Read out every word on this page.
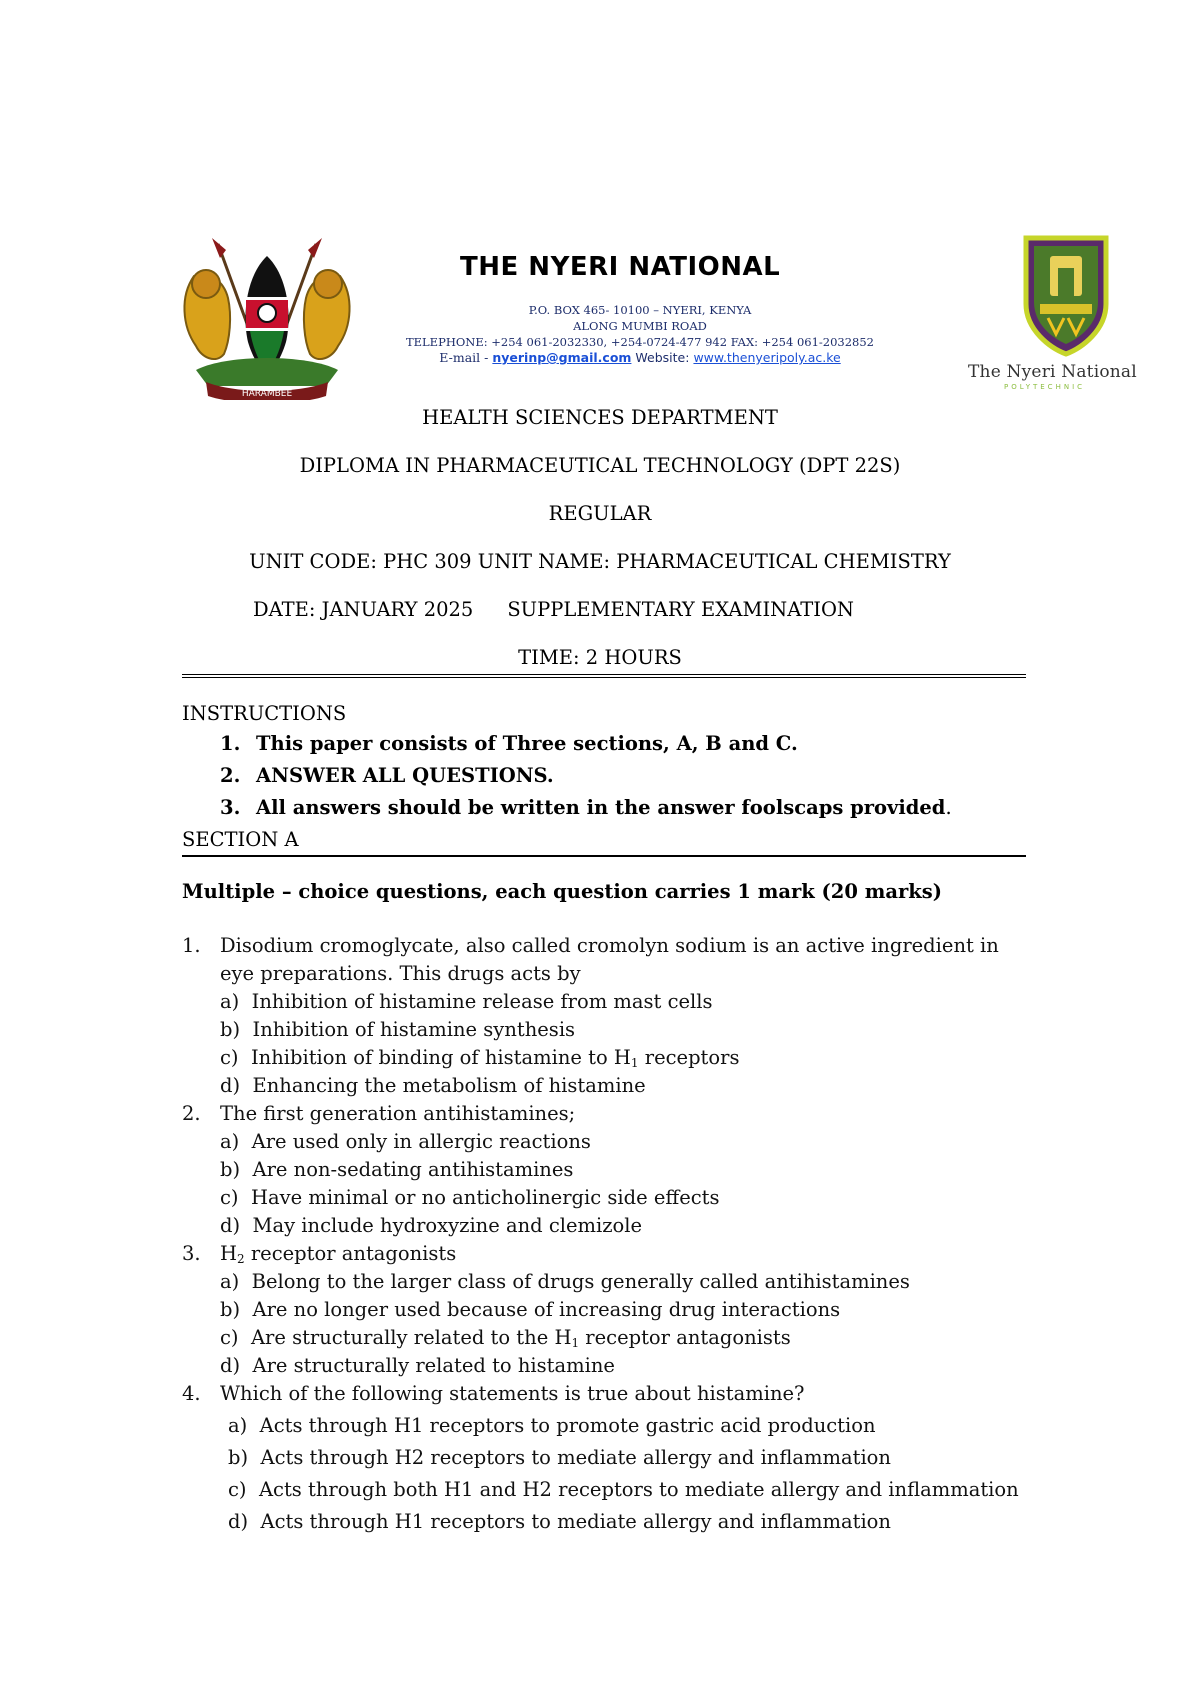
HARAMBEE
The Nyeri National
POLYTECHNIC
THE NYERI NATIONAL
P.O. BOX 465- 10100 – NYERI, KENYA
ALONG MUMBI ROAD
TELEPHONE: +254 061-2032330, +254-0724-477 942 FAX: +254 061-2032852
E-mail - nyerinp@gmail.com Website: www.thenyeripoly.ac.ke
HEALTH SCIENCES DEPARTMENT
DIPLOMA IN PHARMACEUTICAL TECHNOLOGY (DPT 22S)
REGULAR
UNIT CODE: PHC 309 UNIT NAME: PHARMACEUTICAL CHEMISTRY
DATE: JANUARY 2025 SUPPLEMENTARY EXAMINATION
TIME: 2 HOURS
INSTRUCTIONS
1. This paper consists of Three sections, A, B and C.
2. ANSWER ALL QUESTIONS.
3. All answers should be written in the answer foolscaps provided.
SECTION A
Multiple – choice questions, each question carries 1 mark (20 marks)
1. Disodium cromoglycate, also called cromolyn sodium is an active ingredient in
eye preparations. This drugs acts by
a) Inhibition of histamine release from mast cells
b) Inhibition of histamine synthesis
c) Inhibition of binding of histamine to $H_1$ receptors
d) Enhancing the metabolism of histamine
2. The first generation antihistamines;
a) Are used only in allergic reactions
b) Are non-sedating antihistamines
c) Have minimal or no anticholinergic side effects
d) May include hydroxyzine and clemizole
3. $H_2$ receptor antagonists
a) Belong to the larger class of drugs generally called antihistamines
b) Are no longer used because of increasing drug interactions
c) Are structurally related to the $H_1$ receptor antagonists
d) Are structurally related to histamine
4. Which of the following statements is true about histamine?
a) Acts through H1 receptors to promote gastric acid production
b) Acts through H2 receptors to mediate allergy and inflammation
c) Acts through both H1 and H2 receptors to mediate allergy and inflammation
d) Acts through H1 receptors to mediate allergy and inflammation
